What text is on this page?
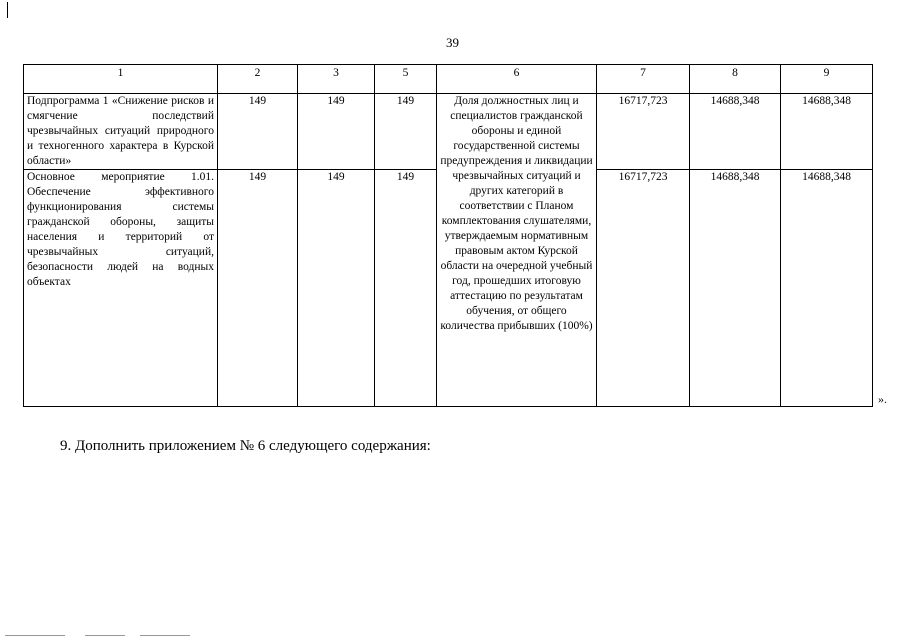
39
1	2	3	5	6	7	8	9
Подпрограмма 1 «Снижение рисков и смягчение последствий чрезвычайных ситуаций природного и техногенного характера в Курской области»	149	149	149	Доля должностных лиц и специалистов гражданской обороны и единой государственной системы предупреждения и ликвидации чрезвычайных ситуаций и других категорий в соответствии с Планом комплектования слушателями, утверждаемым нормативным правовым актом Курской области на очередной учебный год, прошедших итоговую аттестацию по результатам обучения, от общего количества прибывших (100%)	16717,723	14688,348	14688,348
Основное мероприятие 1.01. Обеспечение эффективного функционирования системы гражданской обороны, защиты населения и территорий от чрезвычайных ситуаций, безопасности людей на водных объектах	149	149	149		16717,723	14688,348	14688,348
».
9. Дополнить приложением № 6 следующего содержания:
